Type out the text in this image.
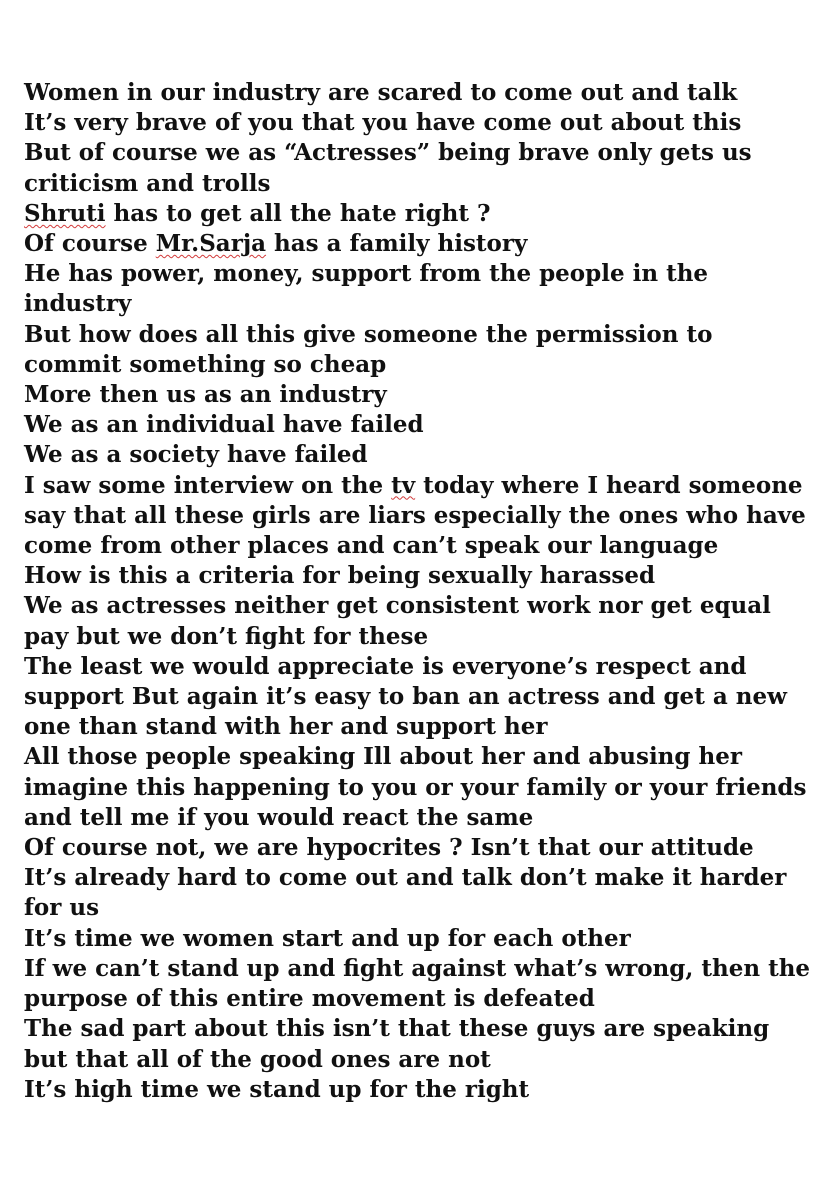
Women in our industry are scared to come out and talk
It’s very brave of you that you have come out about this
But of course we as “Actresses” being brave only gets us criticism and trolls
Shruti has to get all the hate right ?
Of course Mr.Sarja has a family history
He has power, money, support from the people in the industry
But how does all this give someone the permission to commit something so cheap
More then us as an industry
We as an individual have failed
We as a society have failed
I saw some interview on the tv today where I heard someone say that all these girls are liars especially the ones who have come from other places and can’t speak our language
How is this a criteria for being sexually harassed
We as actresses neither get consistent work nor get equal pay but we don’t fight for these
The least we would appreciate is everyone’s respect and support But again it’s easy to ban an actress and get a new one than stand with her and support her
All those people speaking Ill about her and abusing her imagine this happening to you or your family or your friends and tell me if you would react the same
Of course not, we are hypocrites ? Isn’t that our attitude
It’s already hard to come out and talk don’t make it harder for us
It’s time we women start and up for each other
If we can’t stand up and fight against what’s wrong, then the purpose of this entire movement is defeated
The sad part about this isn’t that these guys are speaking but that all of the good ones are not
It’s high time we stand up for the right
